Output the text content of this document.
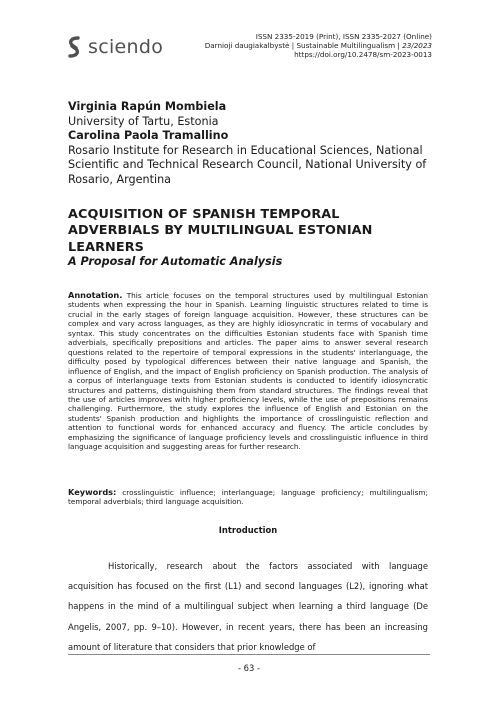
sciendo	ISSN 2335-2019 (Print), ISSN 2335-2027 (Online)
Darnioji daugiakalbystė | Sustainable Multilingualism | 23/2023
https://doi.org/10.2478/sm-2023-0013
Virginia Rapún Mombiela
University of Tartu, Estonia
Carolina Paola Tramallino
Rosario Institute for Research in Educational Sciences, National Scientific and Technical Research Council, National University of Rosario, Argentina
ACQUISITION OF SPANISH TEMPORAL ADVERBIALS BY MULTILINGUAL ESTONIAN LEARNERS
A Proposal for Automatic Analysis
Annotation. This article focuses on the temporal structures used by multilingual Estonian students when expressing the hour in Spanish. Learning linguistic structures related to time is crucial in the early stages of foreign language acquisition. However, these structures can be complex and vary across languages, as they are highly idiosyncratic in terms of vocabulary and syntax. This study concentrates on the difficulties Estonian students face with Spanish time adverbials, specifically prepositions and articles. The paper aims to answer several research questions related to the repertoire of temporal expressions in the students' interlanguage, the difficulty posed by typological differences between their native language and Spanish, the influence of English, and the impact of English proficiency on Spanish production. The analysis of a corpus of interlanguage texts from Estonian students is conducted to identify idiosyncratic structures and patterns, distinguishing them from standard structures. The findings reveal that the use of articles improves with higher proficiency levels, while the use of prepositions remains challenging. Furthermore, the study explores the influence of English and Estonian on the students' Spanish production and highlights the importance of crosslinguistic reflection and attention to functional words for enhanced accuracy and fluency. The article concludes by emphasizing the significance of language proficiency levels and crosslinguistic influence in third language acquisition and suggesting areas for further research.
Keywords: crosslinguistic influence; interlanguage; language proficiency; multilingualism; temporal adverbials; third language acquisition.
Introduction
Historically, research about the factors associated with language acquisition has focused on the first (L1) and second languages (L2), ignoring what happens in the mind of a multilingual subject when learning a third language (De Angelis, 2007, pp. 9–10). However, in recent years, there has been an increasing amount of literature that considers that prior knowledge of
- 63 -
